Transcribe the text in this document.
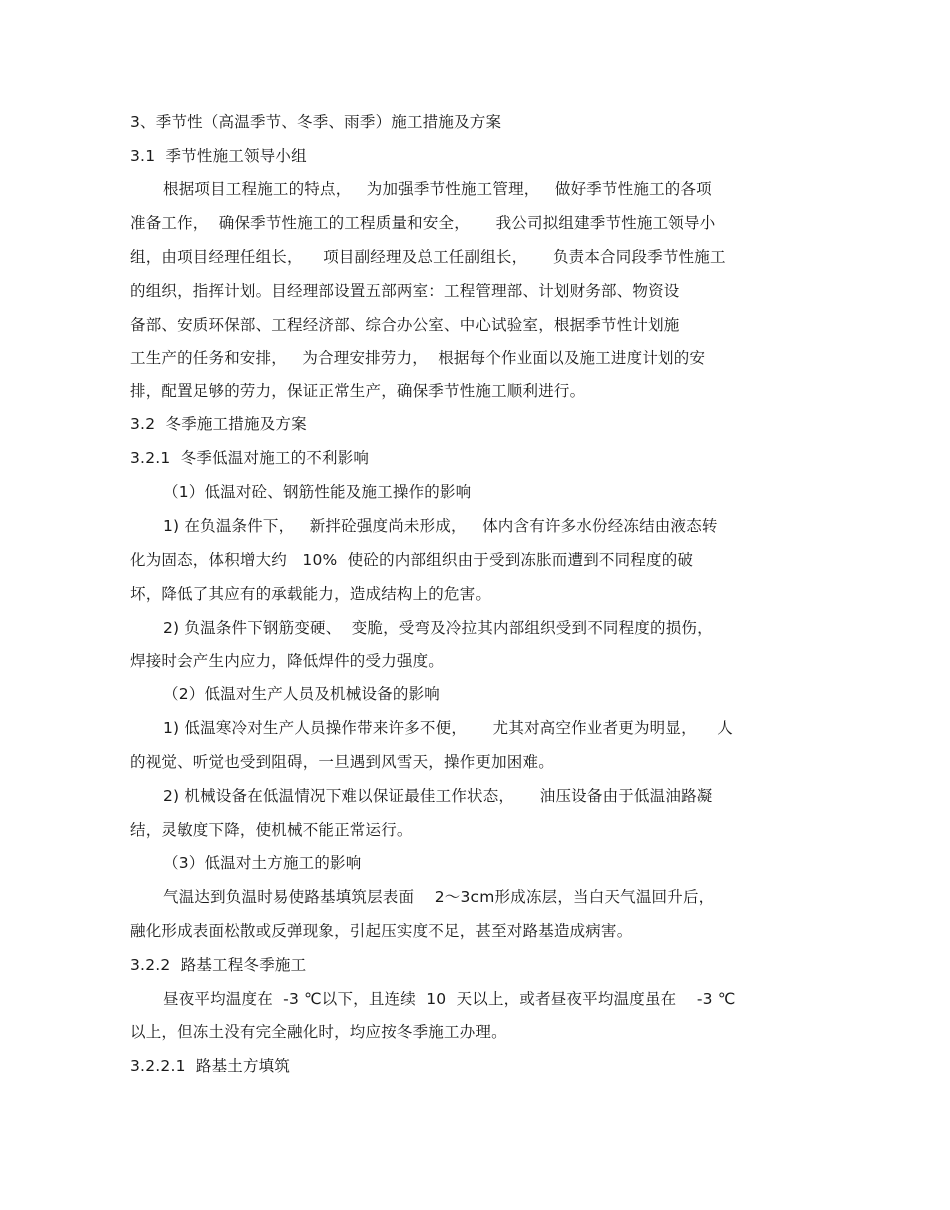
3、季节性（高温季节、冬季、雨季）施工措施及方案
3.1  季节性施工领导小组
根据项目工程施工的特点，   为加强季节性施工管理，   做好季节性施工的各项
准备工作，  确保季节性施工的工程质量和安全，     我公司拟组建季节性施工领导小
组，由项目经理任组长，    项目副经理及总工任副组长，     负责本合同段季节性施工
的组织，指挥计划。目经理部设置五部两室：工程管理部、计划财务部、物资设
备部、安质环保部、工程经济部、综合办公室、中心试验室，根据季节性计划施
工生产的任务和安排，   为合理安排劳力，  根据每个作业面以及施工进度计划的安
排，配置足够的劳力，保证正常生产，确保季节性施工顺利进行。
3.2  冬季施工措施及方案
3.2.1  冬季低温对施工的不利影响
（1）低温对砼、钢筋性能及施工操作的影响
1) 在负温条件下，   新拌砼强度尚未形成，   体内含有许多水份经冻结由液态转
化为固态，体积增大约   10%  使砼的内部组织由于受到冻胀而遭到不同程度的破
坏，降低了其应有的承载能力，造成结构上的危害。
2) 负温条件下钢筋变硬、  变脆，受弯及冷拉其内部组织受到不同程度的损伤，
焊接时会产生内应力，降低焊件的受力强度。
（2）低温对生产人员及机械设备的影响
1) 低温寒冷对生产人员操作带来许多不便，     尤其对高空作业者更为明显，    人
的视觉、听觉也受到阻碍，一旦遇到风雪天，操作更加困难。
2) 机械设备在低温情况下难以保证最佳工作状态，     油压设备由于低温油路凝
结，灵敏度下降，使机械不能正常运行。
（3）低温对土方施工的影响
气温达到负温时易使路基填筑层表面    2～3cm形成冻层，当白天气温回升后，
融化形成表面松散或反弹现象，引起压实度不足，甚至对路基造成病害。
3.2.2  路基工程冬季施工
昼夜平均温度在  -3 ℃以下，且连续  10  天以上，或者昼夜平均温度虽在    -3 ℃
以上，但冻土没有完全融化时，均应按冬季施工办理。
3.2.2.1  路基土方填筑
